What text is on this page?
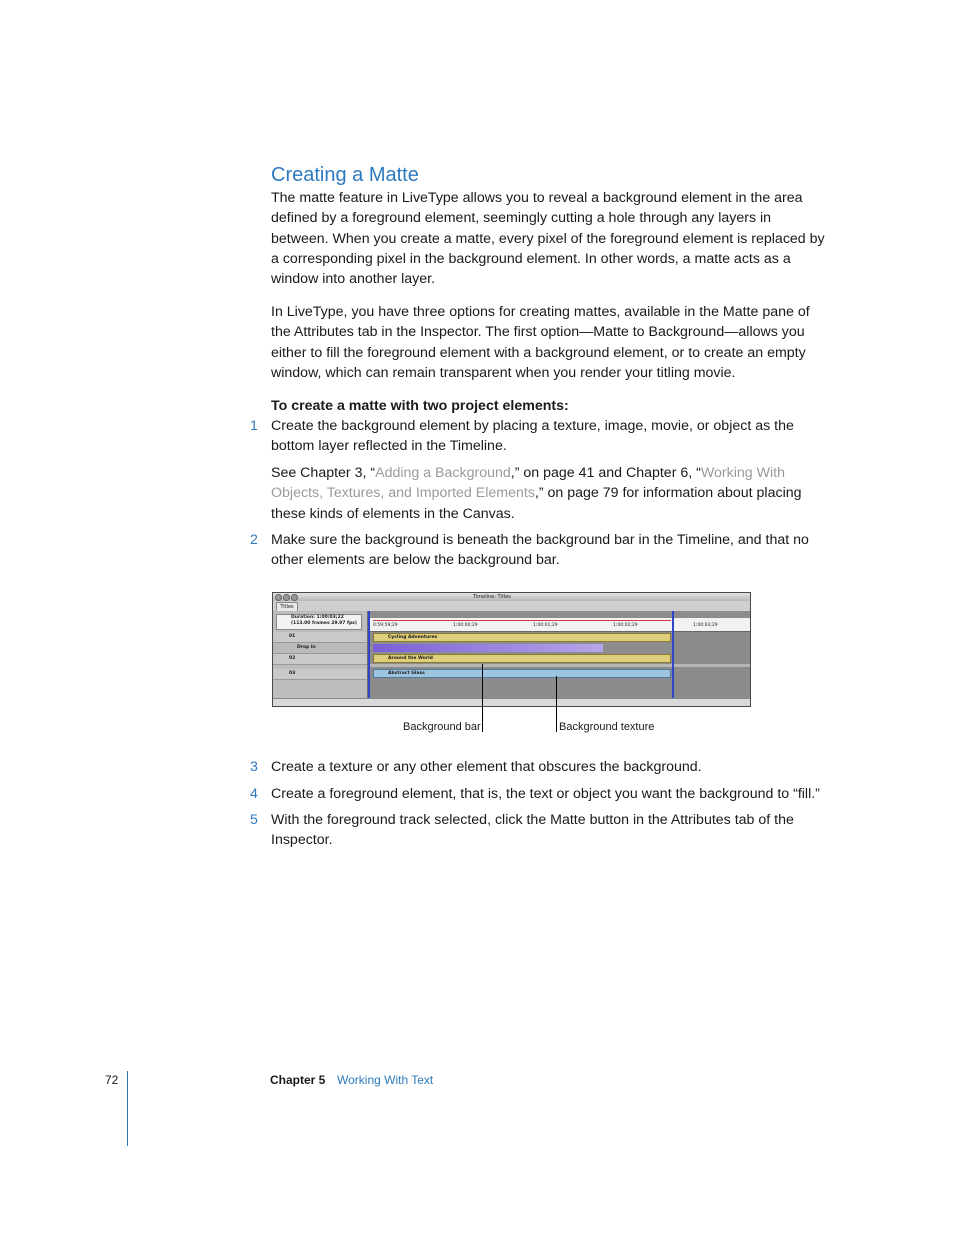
Creating a Matte
The matte feature in LiveType allows you to reveal a background element in the area defined by a foreground element, seemingly cutting a hole through any layers in between. When you create a matte, every pixel of the foreground element is replaced by a corresponding pixel in the background element. In other words, a matte acts as a window into another layer.
In LiveType, you have three options for creating mattes, available in the Matte pane of the Attributes tab in the Inspector. The first option—Matte to Background—allows you either to fill the foreground element with a background element, or to create an empty window, which can remain transparent when you render your titling movie.
To create a matte with two project elements:
1 Create the background element by placing a texture, image, movie, or object as the bottom layer reflected in the Timeline.
See Chapter 3, “Adding a Background,” on page 41 and Chapter 6, “Working With Objects, Textures, and Imported Elements,” on page 79 for information about placing these kinds of elements in the Canvas.
2 Make sure the background is beneath the background bar in the Timeline, and that no other elements are below the background bar.
Timeline: Titles
Titles
Duration: 1:00:03;22
(113.00 frames 29.97 fps)
01
Drop In
02
03
0:59:59;29	1:00:00;29	1:00:01;29	1:00:02;29	1:00:03;29
Cycling Adventures
Around the World
Abstract Glass
Background bar	Background texture
3 Create a texture or any other element that obscures the background.
4 Create a foreground element, that is, the text or object you want the background to “fill.”
5 With the foreground track selected, click the Matte button in the Attributes tab of the Inspector.
72	Chapter 5 Working With Text
